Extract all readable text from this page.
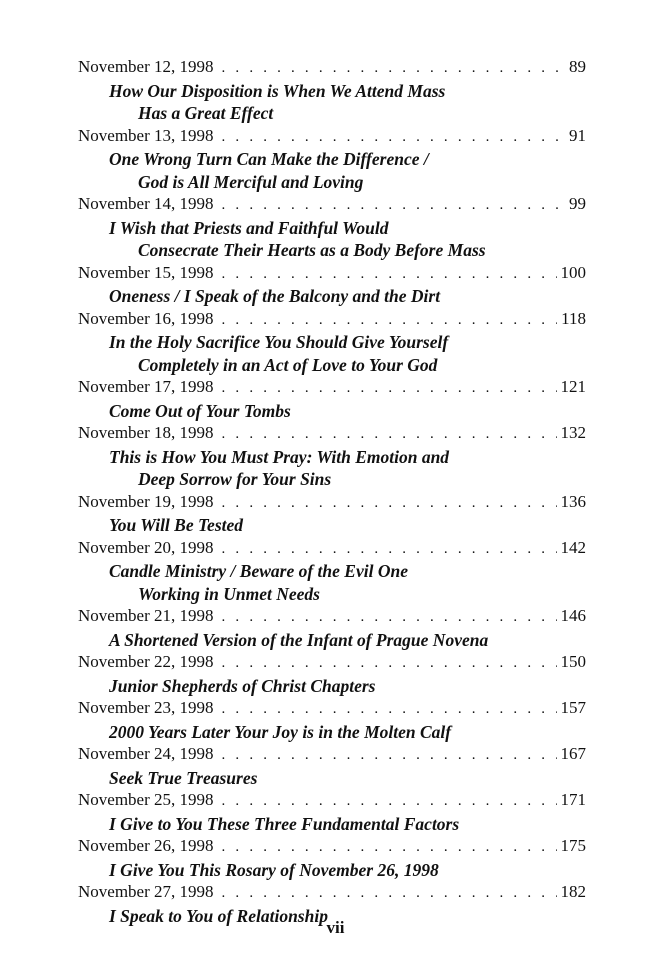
November 12, 1998 . . .	89
How Our Disposition is When We Attend Mass
Has a Great Effect
November 13, 1998 . . .	91
One Wrong Turn Can Make the Difference /
God is All Merciful and Loving
November 14, 1998 . . .	99
I Wish that Priests and Faithful Would
Consecrate Their Hearts as a Body Before Mass
November 15, 1998 . . .	100
Oneness / I Speak of the Balcony and the Dirt
November 16, 1998 . . .	118
In the Holy Sacrifice You Should Give Yourself
Completely in an Act of Love to Your God
November 17, 1998 . . .	121
Come Out of Your Tombs
November 18, 1998 . . .	132
This is How You Must Pray: With Emotion and
Deep Sorrow for Your Sins
November 19, 1998 . . .	136
You Will Be Tested
November 20, 1998 . . .	142
Candle Ministry / Beware of the Evil One
Working in Unmet Needs
November 21, 1998 . . .	146
A Shortened Version of the Infant of Prague Novena
November 22, 1998 . . .	150
Junior Shepherds of Christ Chapters
November 23, 1998 . . .	157
2000 Years Later Your Joy is in the Molten Calf
November 24, 1998 . . .	167
Seek True Treasures
November 25, 1998 . . .	171
I Give to You These Three Fundamental Factors
November 26, 1998 . . .	175
I Give You This Rosary of November 26, 1998
November 27, 1998 . . .	182
I Speak to You of Relationship
vii
